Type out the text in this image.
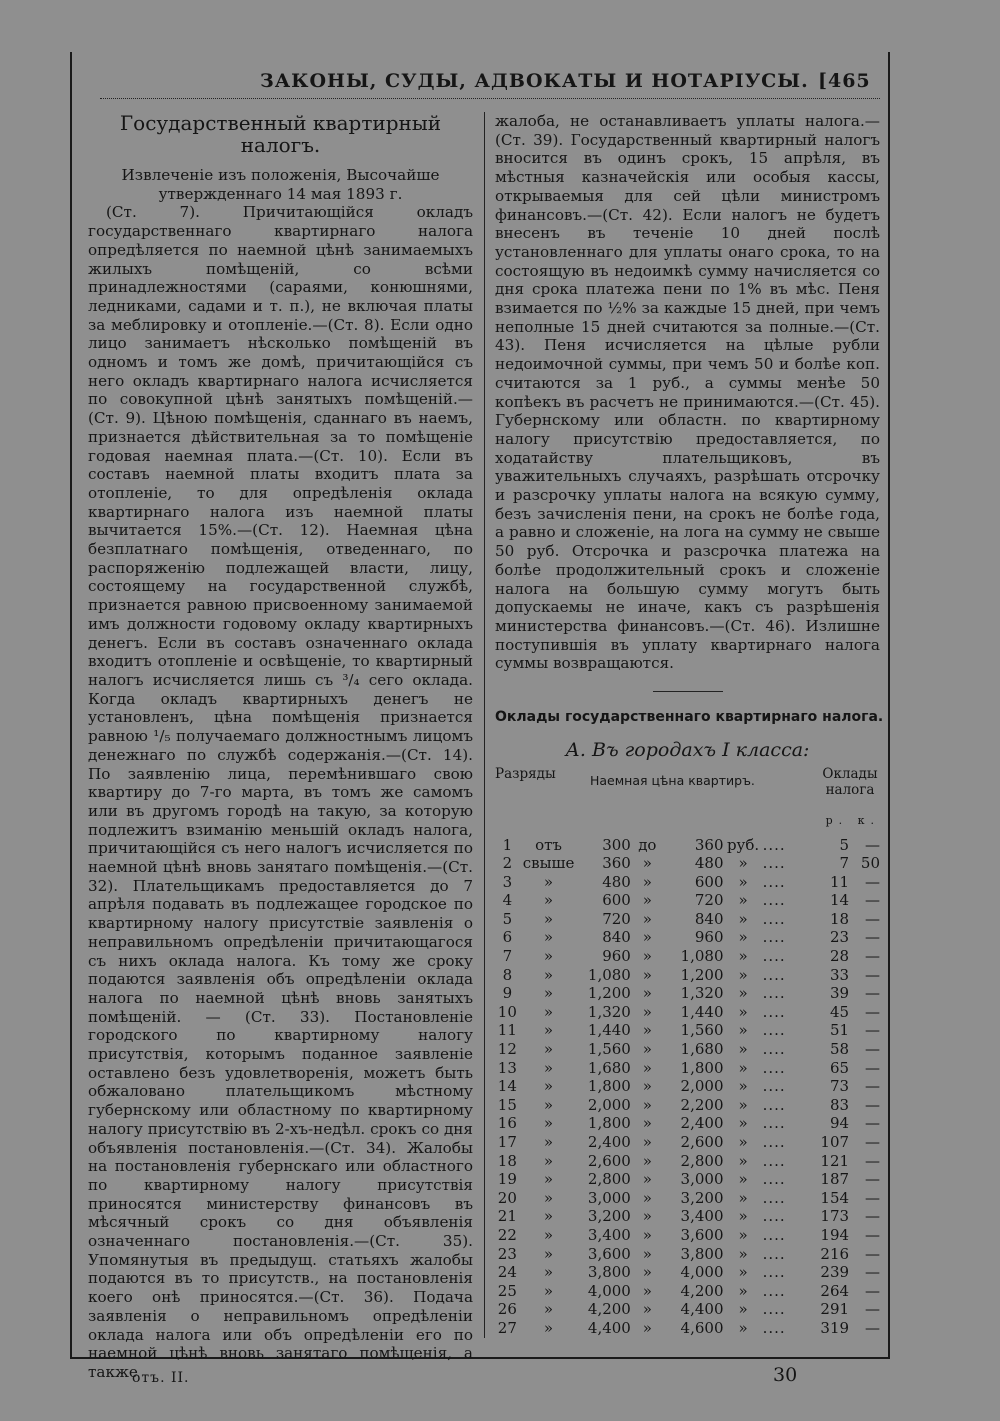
ЗАКОНЫ, СУДЫ, АДВОКАТЫ И НОТАРІУСЫ. [465
Государственный квартирный налогъ.

Извлеченіе изъ положенія, Высочайше утвержденнаго 14 мая 1893 г.

(Ст. 7). Причитающійся окладъ государственнаго квартирнаго налога опредѣляется по наемной цѣнѣ занимаемыхъ жилыхъ помѣщеній, со всѣми принадлежностями (сараями, конюшнями, ледниками, садами и т. п.), не включая платы за меблировку и отопленіе.—(Ст. 8). Если одно лицо занимаетъ нѣсколько помѣщеній въ одномъ и томъ же домѣ, причитающійся съ него окладъ квартирнаго налога исчисляется по совокупной цѣнѣ занятыхъ помѣщеній.—(Ст. 9). Цѣною помѣщенія, сданнаго въ наемъ, признается дѣйствительная за то помѣщеніе годовая наемная плата.—(Ст. 10). Если въ составъ наемной платы входитъ плата за отопленіе, то для опредѣленія оклада квартирнаго налога изъ наемной платы вычитается 15%.—(Ст. 12). Наемная цѣна безплатнаго помѣщенія, отведеннаго, по распоряженію подлежащей власти, лицу, состоящему на государственной службѣ, признается равною присвоенному занимаемой имъ должности годовому окладу квартирныхъ денегъ. Если въ составъ означеннаго оклада входитъ отопленіе и освѣщеніе, то квартирный налогъ исчисляется лишь съ ³/₄ сего оклада. Когда окладъ квартирныхъ денегъ не установленъ, цѣна помѣщенія признается равною ¹/₅ получаемаго должностнымъ лицомъ денежнаго по службѣ содержанія.—(Ст. 14). По заявленію лица, перемѣнившаго свою квартиру до 7-го марта, въ томъ же самомъ или въ другомъ городѣ на такую, за которую подлежитъ взиманію меньшій окладъ налога, причитающійся съ него налогъ исчисляется по наемной цѣнѣ вновь занятаго помѣщенія.—(Ст. 32). Плательщикамъ предоставляется до 7 апрѣля подавать въ подлежащее городское по квартирному налогу присутствіе заявленія о неправильномъ опредѣленіи причитающагося съ нихъ оклада налога. Къ тому же сроку подаются заявленія объ опредѣленіи оклада налога по наемной цѣнѣ вновь занятыхъ помѣщеній. — (Ст. 33). Постановленіе городского по квартирному налогу присутствія, которымъ поданное заявленіе оставлено безъ удовлетворенія, можетъ быть обжаловано плательщикомъ мѣстному губернскому или областному по квартирному налогу присутствію въ 2-хъ-недѣл. срокъ со дня объявленія постановленія.—(Ст. 34). Жалобы на постановленія губернскаго или областного по квартирному налогу присутствія приносятся министерству финансовъ въ мѣсячный срокъ со дня объявленія означеннаго постановленія.—(Ст. 35). Упомянутыя въ предыдущ. статьяхъ жалобы подаются въ то присутств., на постановленія коего онѣ приносятся.—(Ст. 36). Подача заявленія о неправильномъ опредѣленіи оклада налога или объ опредѣленіи его по наемной цѣнѣ вновь занятаго помѣщенія, а также

жалоба, не останавливаетъ уплаты налога.—(Ст. 39). Государственный квартирный налогъ вносится въ одинъ срокъ, 15 апрѣля, въ мѣстныя казначейскія или особыя кассы, открываемыя для сей цѣли министромъ финансовъ.—(Ст. 42). Если налогъ не будетъ внесенъ въ теченіе 10 дней послѣ установленнаго для уплаты онаго срока, то на состоящую въ недоимкѣ сумму начисляется со дня срока платежа пени по 1% въ мѣс. Пеня взимается по ½% за каждые 15 дней, при чемъ неполные 15 дней считаются за полные.—(Ст. 43). Пеня исчисляется на цѣлые рубли недоимочной суммы, при чемъ 50 и болѣе коп. считаются за 1 руб., а суммы менѣе 50 копѣекъ въ расчетъ не принимаются.—(Ст. 45). Губернскому или областн. по квартирному налогу присутствію предоставляется, по ходатайству плательщиковъ, въ уважительныхъ случаяхъ, разрѣшать отсрочку и разсрочку уплаты налога на всякую сумму, безъ зачисленія пени, на срокъ не болѣе года, а равно и сложеніе, на лога на сумму не свыше 50 руб. Отсрочка и разсрочка платежа на болѣе продолжительный срокъ и сложеніе налога на большую сумму могутъ быть допускаемы не иначе, какъ съ разрѣшенія министерства финансовъ.—(Ст. 46). Излишне поступившія въ уплату квартирнаго налога суммы возвращаются.

Оклады государственнаго квартирнаго налога.
А. Въ городахъ I класса:
Разряды	Наемная цѣна квартиръ.	Оклады налога
р. к.
1	отъ	300	до	360	руб.	....	5	—
2	свыше	360	»	480	»	....	7	50
3	»	480	»	600	»	....	11	—
4	»	600	»	720	»	....	14	—
5	»	720	»	840	»	....	18	—
6	»	840	»	960	»	....	23	—
7	»	960	»	1,080	»	....	28	—
8	»	1,080	»	1,200	»	....	33	—
9	»	1,200	»	1,320	»	....	39	—
10	»	1,320	»	1,440	»	....	45	—
11	»	1,440	»	1,560	»	....	51	—
12	»	1,560	»	1,680	»	....	58	—
13	»	1,680	»	1,800	»	....	65	—
14	»	1,800	»	2,000	»	....	73	—
15	»	2,000	»	2,200	»	....	83	—
16	»	1,800	»	2,400	»	....	94	—
17	»	2,400	»	2,600	»	....	107	—
18	»	2,600	»	2,800	»	....	121	—
19	»	2,800	»	3,000	»	....	187	—
20	»	3,000	»	3,200	»	....	154	—
21	»	3,200	»	3,400	»	....	173	—
22	»	3,400	»	3,600	»	....	194	—
23	»	3,600	»	3,800	»	....	216	—
24	»	3,800	»	4,000	»	....	239	—
25	»	4,000	»	4,200	»	....	264	—
26	»	4,200	»	4,400	»	....	291	—
27	»	4,400	»	4,600	»	....	319	—
отъ. II.	30
